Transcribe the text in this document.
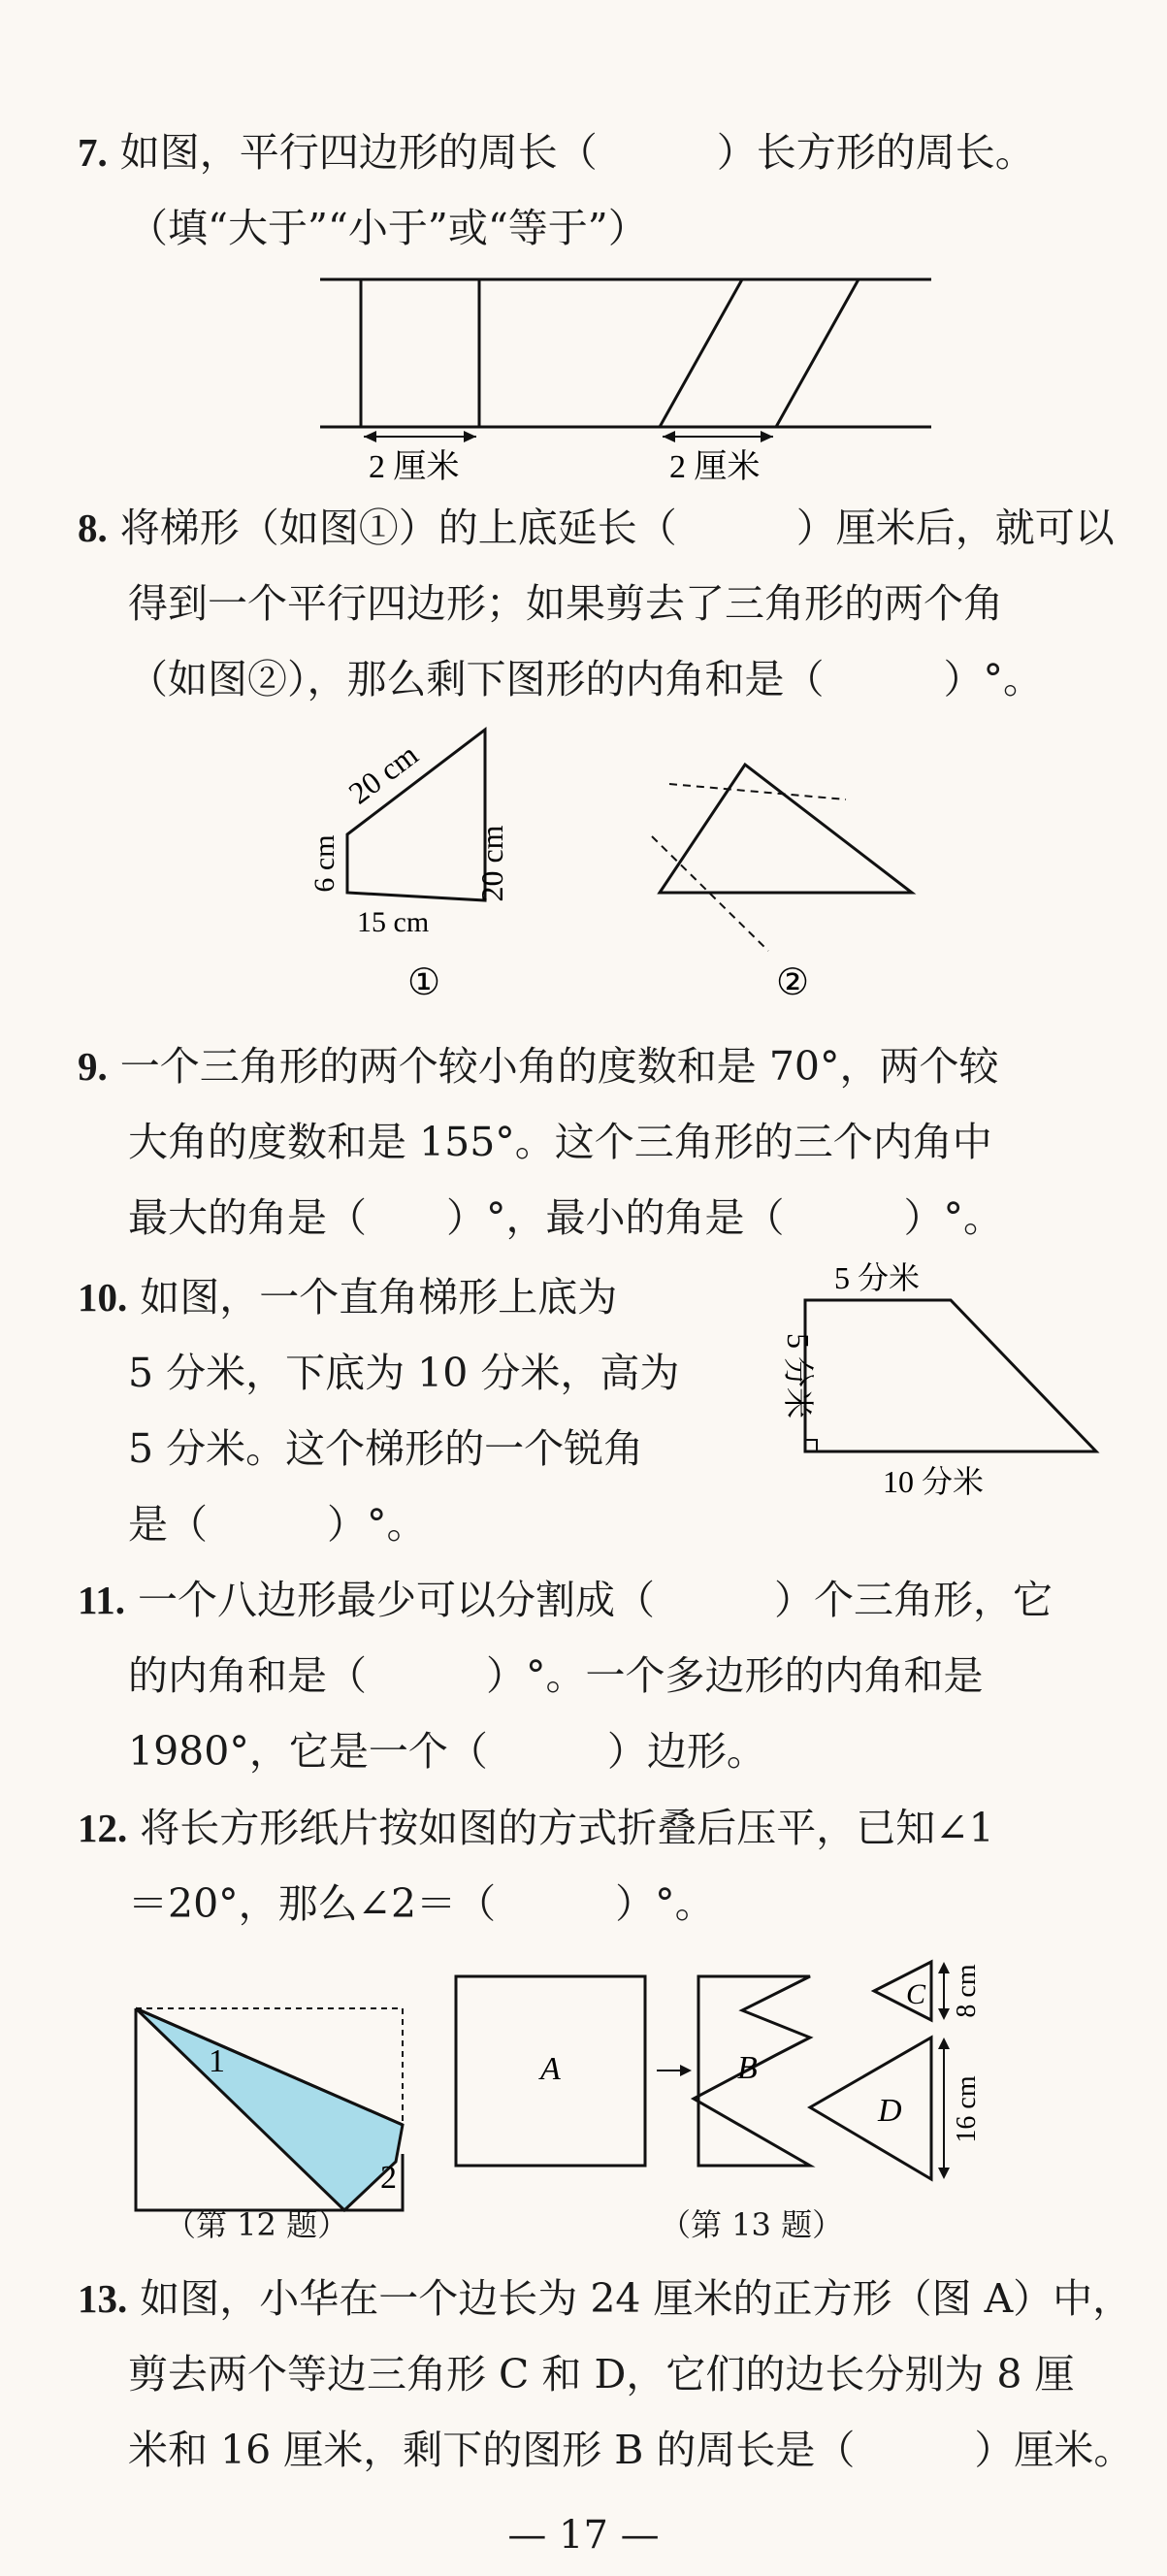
7. 如图，平行四边形的周长（　　　）长方形的周长。
（填“大于”“小于”或“等于”）
2 厘米	2 厘米
8. 将梯形（如图①）的上底延长（　　　）厘米后，就可以
得到一个平行四边形；如果剪去了三角形的两个角
（如图②），那么剩下图形的内角和是（　　　）°。
20 cm
20 cm
6 cm
15 cm
①	②
9. 一个三角形的两个较小角的度数和是 70°，两个较
大角的度数和是 155°。这个三角形的三个内角中
最大的角是（　　）°，最小的角是（　　　）°。
10. 如图，一个直角梯形上底为
5 分米，下底为 10 分米，高为
5 分米。这个梯形的一个锐角
是（　　　）°。
5 分米
5 分米
10 分米
11. 一个八边形最少可以分割成（　　　）个三角形，它
的内角和是（　　　）°。一个多边形的内角和是
1980°，它是一个（　　　）边形。
12. 将长方形纸片按如图的方式折叠后压平，已知∠1
＝20°，那么∠2＝（　　　）°。
1
2
（第 12 题）
A	B
C 8 cm
D 16 cm
（第 13 题）
13. 如图，小华在一个边长为 24 厘米的正方形（图 A）中，
剪去两个等边三角形 C 和 D，它们的边长分别为 8 厘
米和 16 厘米，剩下的图形 B 的周长是（　　　）厘米。
— 17 —
